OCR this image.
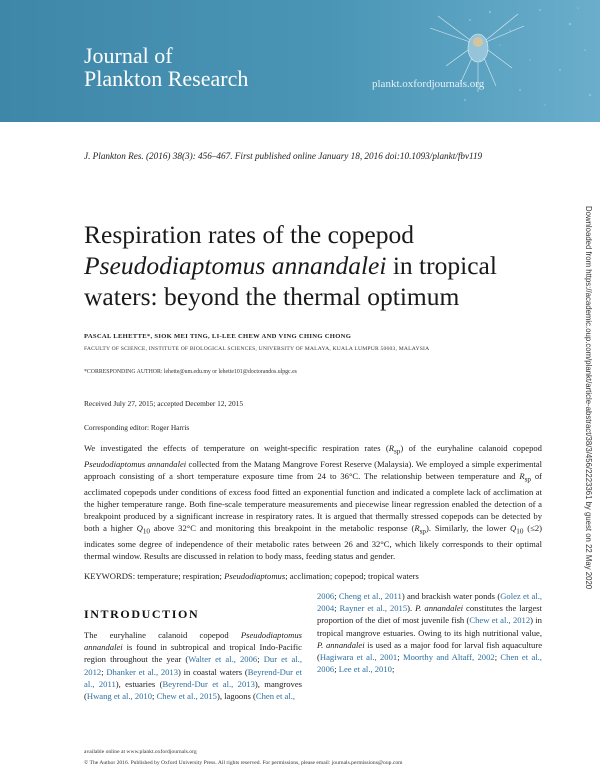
Journal of
Plankton Research	plankt.oxfordjournals.org
J. Plankton Res. (2016) 38(3): 456–467. First published online January 18, 2016 doi:10.1093/plankt/fbv119
Respiration rates of the copepod
Pseudodiaptomus annandalei in tropical
waters: beyond the thermal optimum
PASCAL LEHETTE*, SIOK MEI TING, LI-LEE CHEW AND VING CHING CHONG
FACULTY OF SCIENCE, INSTITUTE OF BIOLOGICAL SCIENCES, UNIVERSITY OF MALAYA, KUALA LUMPUR 50603, MALAYSIA
*CORRESPONDING AUTHOR: lehette@um.edu.my or lehette101@doctorandos.ulpgc.es
Received July 27, 2015; accepted December 12, 2015
Corresponding editor: Roger Harris

We investigated the effects of temperature on weight-specific respiration rates $(R_{sp})$ of the euryhaline calanoid copepod Pseudodiaptomus annandalei collected from the Matang Mangrove Forest Reserve (Malaysia). We employed a simple experimental approach consisting of a short temperature exposure time from 24 to 36°C. The relationship between temperature and $R_{sp}$ of acclimated copepods under conditions of excess food fitted an exponential function and indicated a complete lack of acclimation at the higher temperature range. Both fine-scale temperature measurements and piecewise linear regression enabled the detection of a breakpoint produced by a significant increase in respiratory rates. It is argued that thermally stressed copepods can be detected by both a higher $Q_{10}$ above 32°C and monitoring this breakpoint in the metabolic response $(R_{sp})$. Similarly, the lower $Q_{10}$ (≤2) indicates some degree of independence of their metabolic rates between 26 and 32°C, which likely corresponds to their optimal thermal window. Results are discussed in relation to body mass, feeding status and gender.

KEYWORDS: temperature; respiration; Pseudodiaptomus; acclimation; copepod; tropical waters
INTRODUCTION

The euryhaline calanoid copepod Pseudodiaptomus annandalei is found in subtropical and tropical Indo-Pacific region throughout the year (Walter et al., 2006; Dur et al., 2012; Dhanker et al., 2013) in coastal waters (Beyrend-Dur et al., 2011), estuaries (Beyrend-Dur et al., 2013), mangroves (Hwang et al., 2010; Chew et al., 2015), lagoons (Chen et al.,

2006; Cheng et al., 2011) and brackish water ponds (Golez et al., 2004; Rayner et al., 2015). P. annandalei constitutes the largest proportion of the diet of most juvenile fish (Chew et al., 2012) in tropical mangrove estuaries. Owing to its high nutritional value, P. annandalei is used as a major food for larval fish aquaculture (Hagiwara et al., 2001; Moorthy and Altaff, 2002; Chen et al., 2006; Lee et al., 2010;

available online at www.plankt.oxfordjournals.org
© The Author 2016. Published by Oxford University Press. All rights reserved. For permissions, please email: journals.permissions@oup.com
Downloaded from https://academic.oup.com/plankt/article-abstract/38/3/456/2223361 by guest on 22 May 2020
